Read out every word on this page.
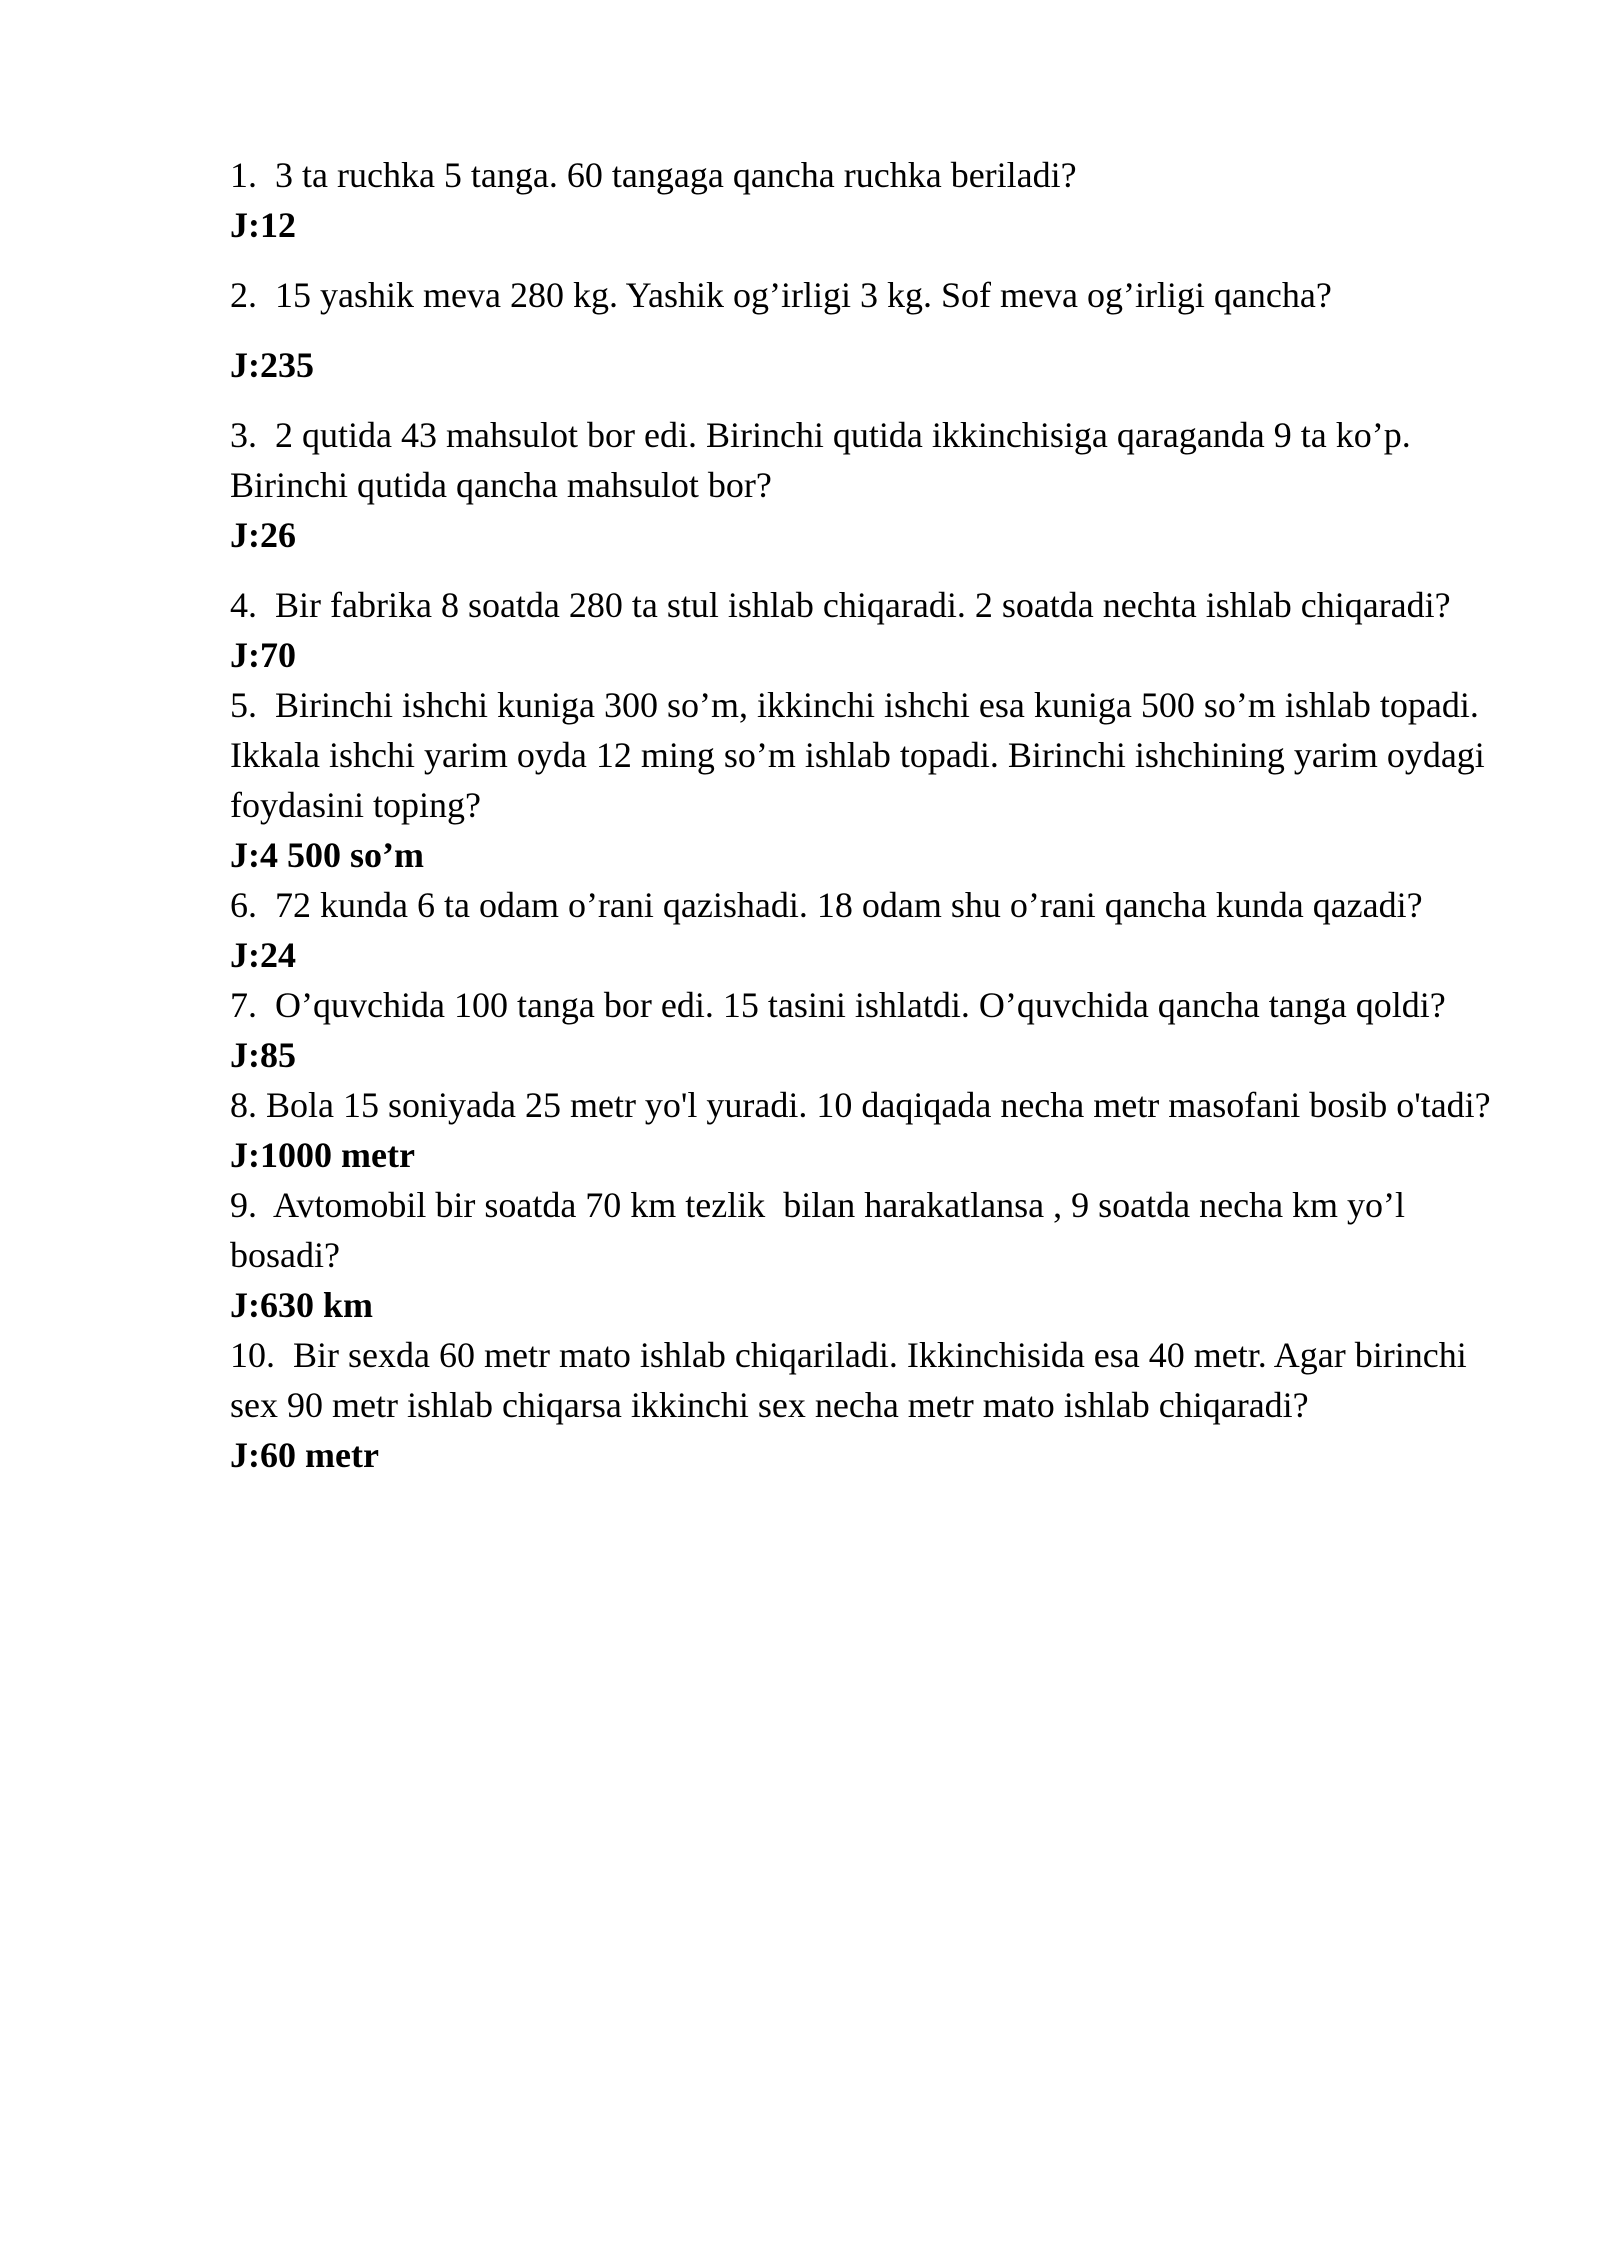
1.  3 ta ruchka 5 tanga. 60 tangaga qancha ruchka beriladi?

J:12

2.  15 yashik meva 280 kg. Yashik og’irligi 3 kg. Sof meva og’irligi qancha?

J:235

3.  2 qutida 43 mahsulot bor edi. Birinchi qutida ikkinchisiga qaraganda 9 ta ko’p. Birinchi qutida qancha mahsulot bor?

J:26

4.  Bir fabrika 8 soatda 280 ta stul ishlab chiqaradi. 2 soatda nechta ishlab chiqaradi?

J:70

5.  Birinchi ishchi kuniga 300 so’m, ikkinchi ishchi esa kuniga 500 so’m ishlab topadi. Ikkala ishchi yarim oyda 12 ming so’m ishlab topadi. Birinchi ishchining yarim oydagi foydasini toping?

J:4 500 so’m

6.  72 kunda 6 ta odam o’rani qazishadi. 18 odam shu o’rani qancha kunda qazadi?

J:24

7.  O’quvchida 100 tanga bor edi. 15 tasini ishlatdi. O’quvchida qancha tanga qoldi?

J:85

8. Bola 15 soniyada 25 metr yo'l yuradi. 10 daqiqada necha metr masofani bosib o'tadi?

J:1000 metr

9.  Avtomobil bir soatda 70 km tezlik  bilan harakatlansa , 9 soatda necha km yo’l bosadi?

J:630 km

10.  Bir sexda 60 metr mato ishlab chiqariladi. Ikkinchisida esa 40 metr. Agar birinchi sex 90 metr ishlab chiqarsa ikkinchi sex necha metr mato ishlab chiqaradi?

J:60 metr
